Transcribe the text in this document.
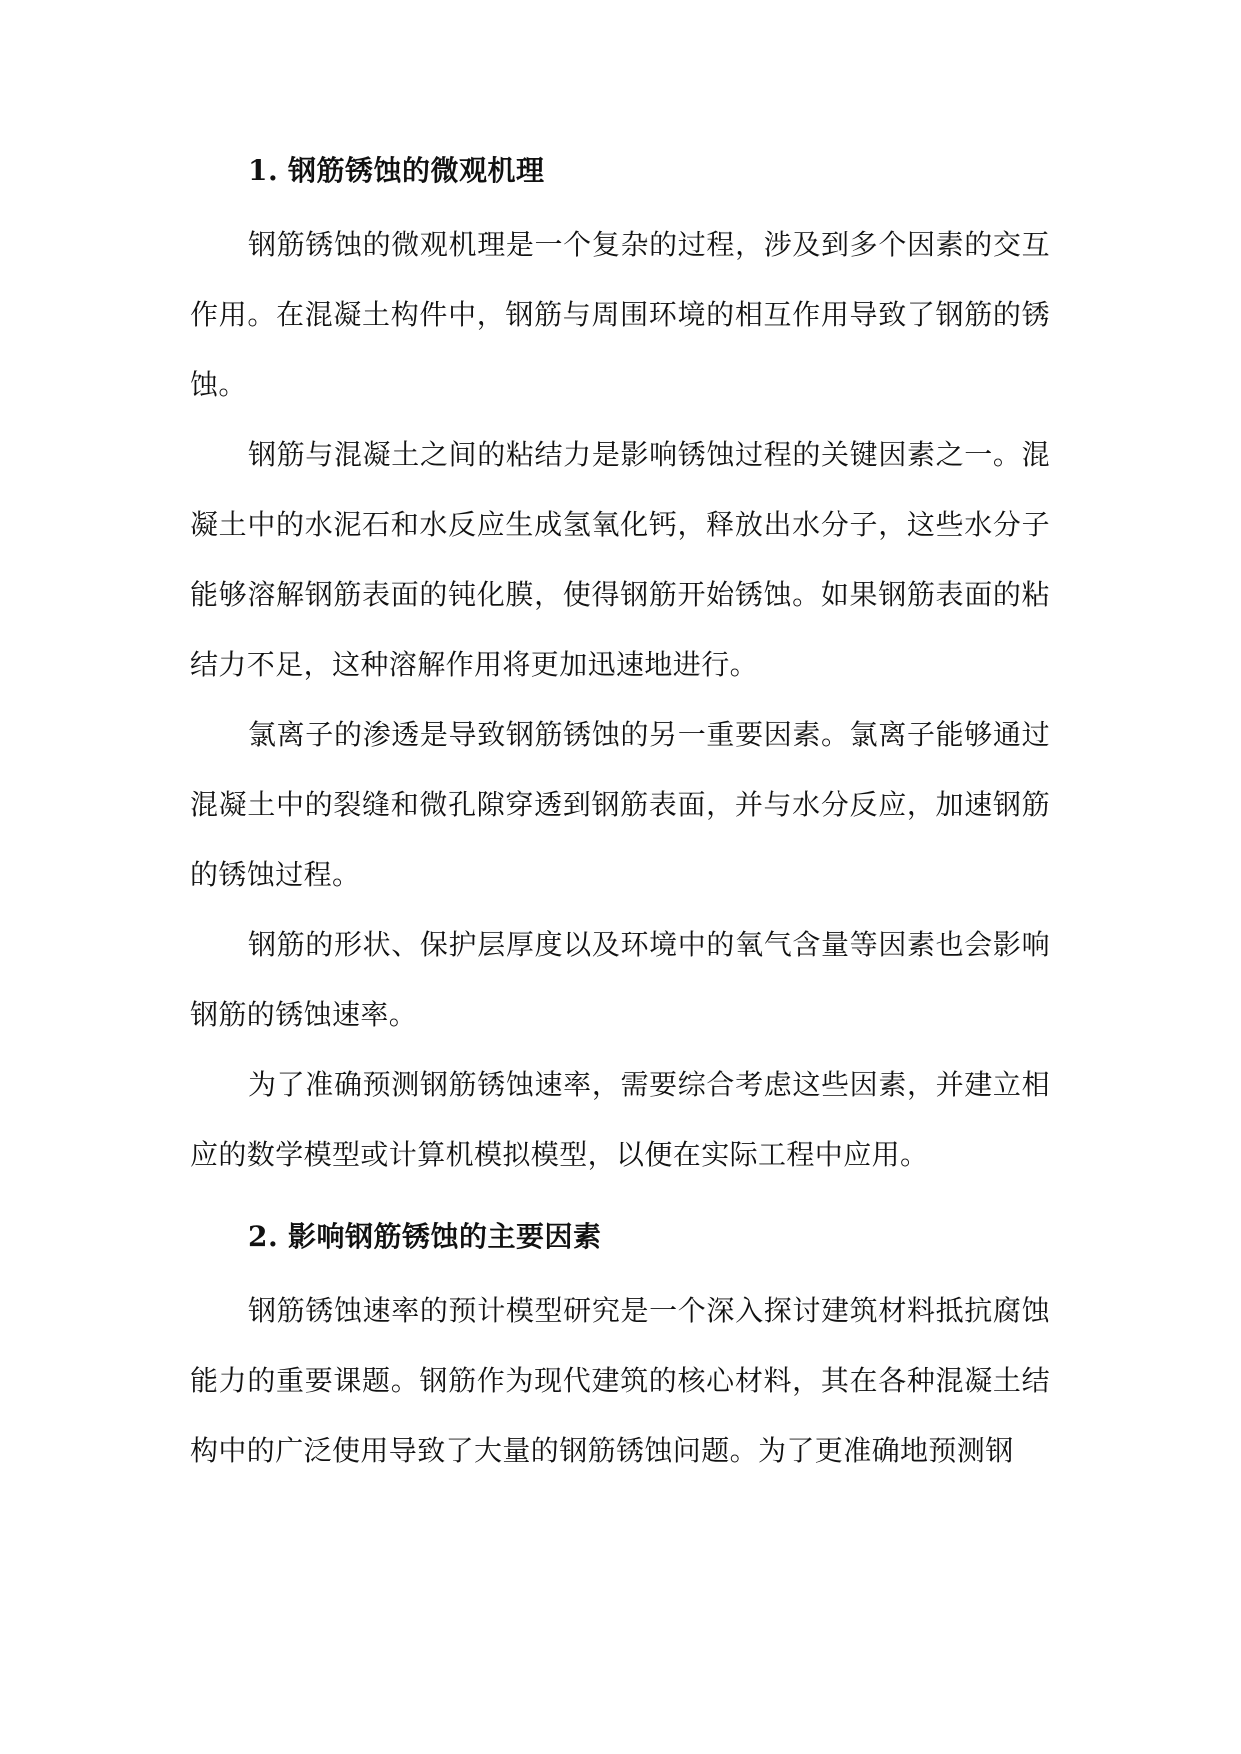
1. 钢筋锈蚀的微观机理

钢筋锈蚀的微观机理是一个复杂的过程，涉及到多个因素的交互作用。在混凝土构件中，钢筋与周围环境的相互作用导致了钢筋的锈蚀。

钢筋与混凝土之间的粘结力是影响锈蚀过程的关键因素之一。混凝土中的水泥石和水反应生成氢氧化钙，释放出水分子，这些水分子能够溶解钢筋表面的钝化膜，使得钢筋开始锈蚀。如果钢筋表面的粘结力不足，这种溶解作用将更加迅速地进行。

氯离子的渗透是导致钢筋锈蚀的另一重要因素。氯离子能够通过混凝土中的裂缝和微孔隙穿透到钢筋表面，并与水分反应，加速钢筋的锈蚀过程。

钢筋的形状、保护层厚度以及环境中的氧气含量等因素也会影响钢筋的锈蚀速率。

为了准确预测钢筋锈蚀速率，需要综合考虑这些因素，并建立相应的数学模型或计算机模拟模型，以便在实际工程中应用。

2. 影响钢筋锈蚀的主要因素

钢筋锈蚀速率的预计模型研究是一个深入探讨建筑材料抵抗腐蚀能力的重要课题。钢筋作为现代建筑的核心材料，其在各种混凝土结构中的广泛使用导致了大量的钢筋锈蚀问题。为了更准确地预测钢
